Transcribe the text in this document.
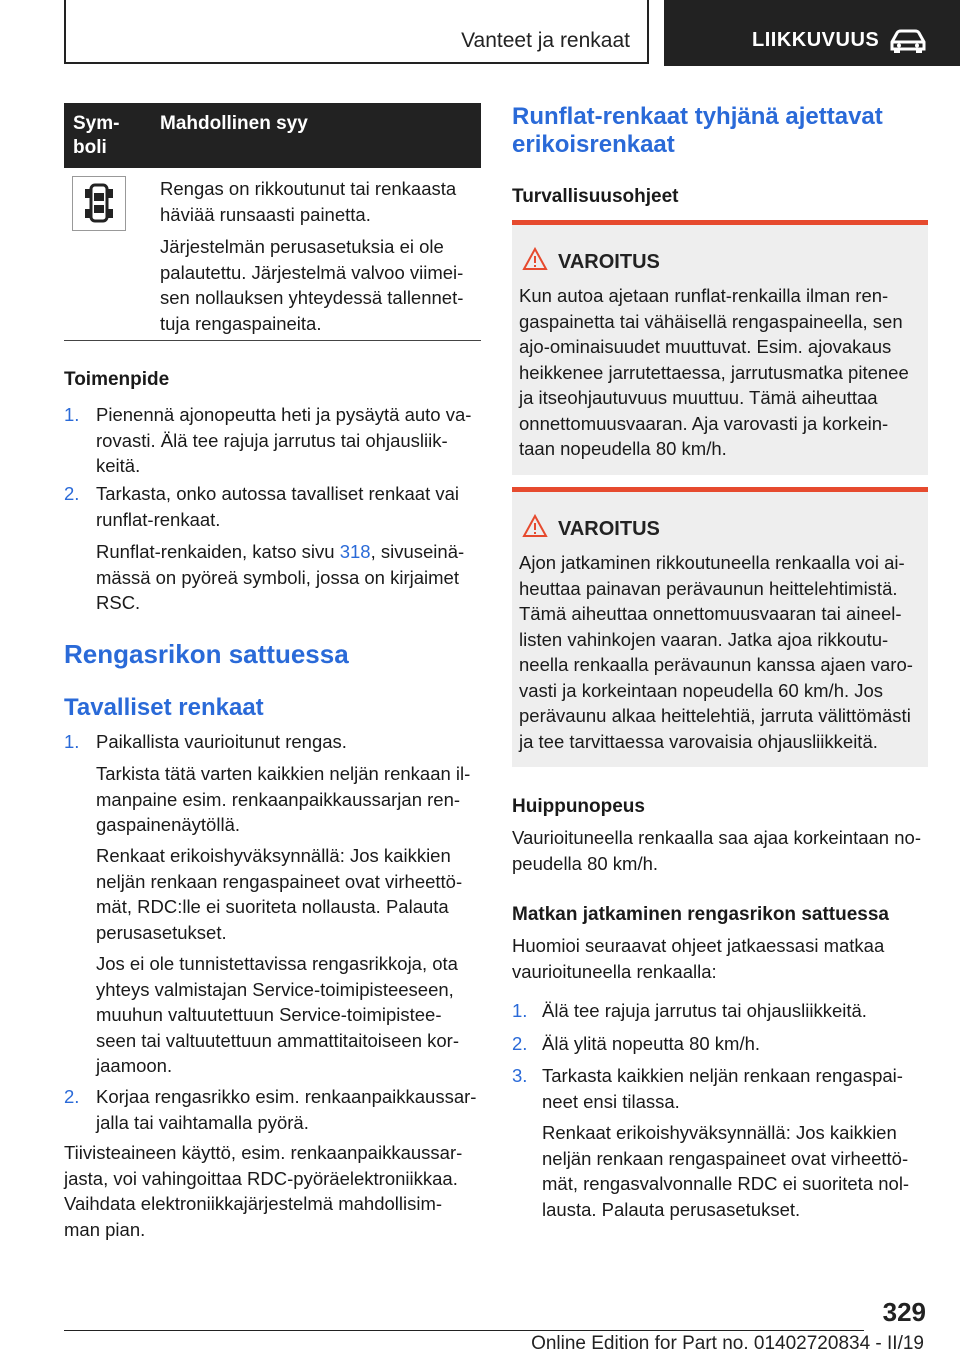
Vanteet ja renkaat	LIIKKUVUUS
Sym-
boli
Mahdollinen syy
Rengas on rikkoutunut tai renkaasta
häviää runsaasti painetta.
Järjestelmän perusasetuksia ei ole
palautettu. Järjestelmä valvoo viimei-
sen nollauksen yhteydessä tallennet-
tuja rengaspaineita.
Toimenpide
1. Pienennä ajonopeutta heti ja pysäytä auto va-
rovasti. Älä tee rajuja jarrutus tai ohjausliik-
keitä.
2. Tarkasta, onko autossa tavalliset renkaat vai
runflat-renkaat.
Runflat-renkaiden, katso sivu 318, sivuseinä-
mässä on pyöreä symboli, jossa on kirjaimet
RSC.
Rengasrikon sattuessa
Tavalliset renkaat
1. Paikallista vaurioitunut rengas.
Tarkista tätä varten kaikkien neljän renkaan il-
manpaine esim. renkaanpaikkaussarjan ren-
gaspainenäytöllä.
Renkaat erikoishyväksynnällä: Jos kaikkien
neljän renkaan rengaspaineet ovat virheettö-
mät, RDC:lle ei suoriteta nollausta. Palauta
perusasetukset.
Jos ei ole tunnistettavissa rengasrikkoja, ota
yhteys valmistajan Service-toimipisteeseen,
muuhun valtuutettuun Service-toimipistee-
seen tai valtuutettuun ammattitaitoiseen kor-
jaamoon.
2. Korjaa rengasrikko esim. renkaanpaikkaussar-
jalla tai vaihtamalla pyörä.
Tiivisteaineen käyttö, esim. renkaanpaikkaussar-
jasta, voi vahingoittaa RDC-pyöräelektroniikkaa.
Vaihdata elektroniikkajärjestelmä mahdollisim-
man pian.
Runflat-renkaat tyhjänä ajettavat
erikoisrenkaat
Turvallisuusohjeet
VAROITUS
Kun autoa ajetaan runflat-renkailla ilman ren-
gaspainetta tai vähäisellä rengaspaineella, sen
ajo-ominaisuudet muuttuvat. Esim. ajovakaus
heikkenee jarrutettaessa, jarrutusmatka pitenee
ja itseohjautuvuus muuttuu. Tämä aiheuttaa
onnettomuusvaaran. Aja varovasti ja korkein-
taan nopeudella 80 km/h.
VAROITUS
Ajon jatkaminen rikkoutuneella renkaalla voi ai-
heuttaa painavan perävaunun heittelehtimistä.
Tämä aiheuttaa onnettomuusvaaran tai aineel-
listen vahinkojen vaaran. Jatka ajoa rikkoutu-
neella renkaalla perävaunun kanssa ajaen varo-
vasti ja korkeintaan nopeudella 60 km/h. Jos
perävaunu alkaa heittelehtiä, jarruta välittömästi
ja tee tarvittaessa varovaisia ohjausliikkeitä.
Huippunopeus
Vaurioituneella renkaalla saa ajaa korkeintaan no-
peudella 80 km/h.
Matkan jatkaminen rengasrikon sattuessa
Huomioi seuraavat ohjeet jatkaessasi matkaa
vaurioituneella renkaalla:
1. Älä tee rajuja jarrutus tai ohjausliikkeitä.
2. Älä ylitä nopeutta 80 km/h.
3. Tarkasta kaikkien neljän renkaan rengaspai-
neet ensi tilassa.
Renkaat erikoishyväksynnällä: Jos kaikkien
neljän renkaan rengaspaineet ovat virheettö-
mät, rengasvalvonnalle RDC ei suoriteta nol-
lausta. Palauta perusasetukset.
329
Online Edition for Part no. 01402720834 - II/19
